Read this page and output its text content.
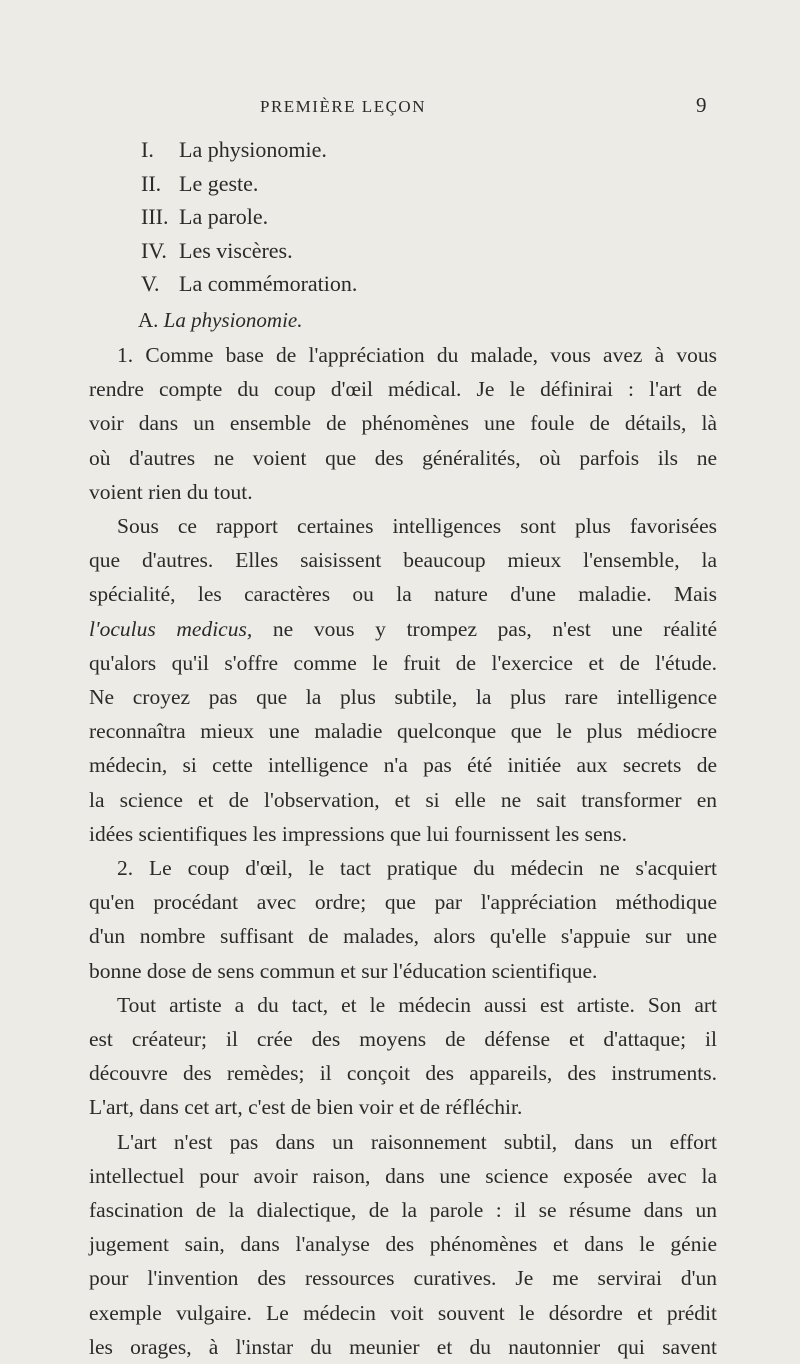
PREMIÈRE LEÇON	9
I. La physionomie.
II. Le geste.
III. La parole.
IV. Les viscères.
V. La commémoration.
A. La physionomie.
1. Comme base de l'appréciation du malade, vous avez à vous
rendre compte du coup d'œil médical. Je le définirai : l'art de
voir dans un ensemble de phénomènes une foule de détails, là
où d'autres ne voient que des généralités, où parfois ils ne
voient rien du tout.
Sous ce rapport certaines intelligences sont plus favorisées
que d'autres. Elles saisissent beaucoup mieux l'ensemble, la
spécialité, les caractères ou la nature d'une maladie. Mais
l'oculus medicus, ne vous y trompez pas, n'est une réalité
qu'alors qu'il s'offre comme le fruit de l'exercice et de l'étude.
Ne croyez pas que la plus subtile, la plus rare intelligence
reconnaîtra mieux une maladie quelconque que le plus médiocre
médecin, si cette intelligence n'a pas été initiée aux secrets de
la science et de l'observation, et si elle ne sait transformer en
idées scientifiques les impressions que lui fournissent les sens.
2. Le coup d'œil, le tact pratique du médecin ne s'acquiert
qu'en procédant avec ordre; que par l'appréciation méthodique
d'un nombre suffisant de malades, alors qu'elle s'appuie sur une
bonne dose de sens commun et sur l'éducation scientifique.
Tout artiste a du tact, et le médecin aussi est artiste. Son art
est créateur; il crée des moyens de défense et d'attaque; il
découvre des remèdes; il conçoit des appareils, des instruments.
L'art, dans cet art, c'est de bien voir et de réfléchir.
L'art n'est pas dans un raisonnement subtil, dans un effort
intellectuel pour avoir raison, dans une science exposée avec la
fascination de la dialectique, de la parole : il se résume dans un
jugement sain, dans l'analyse des phénomènes et dans le génie
pour l'invention des ressources curatives. Je me servirai d'un
exemple vulgaire. Le médecin voit souvent le désordre et prédit
les orages, à l'instar du meunier et du nautonnier qui savent
